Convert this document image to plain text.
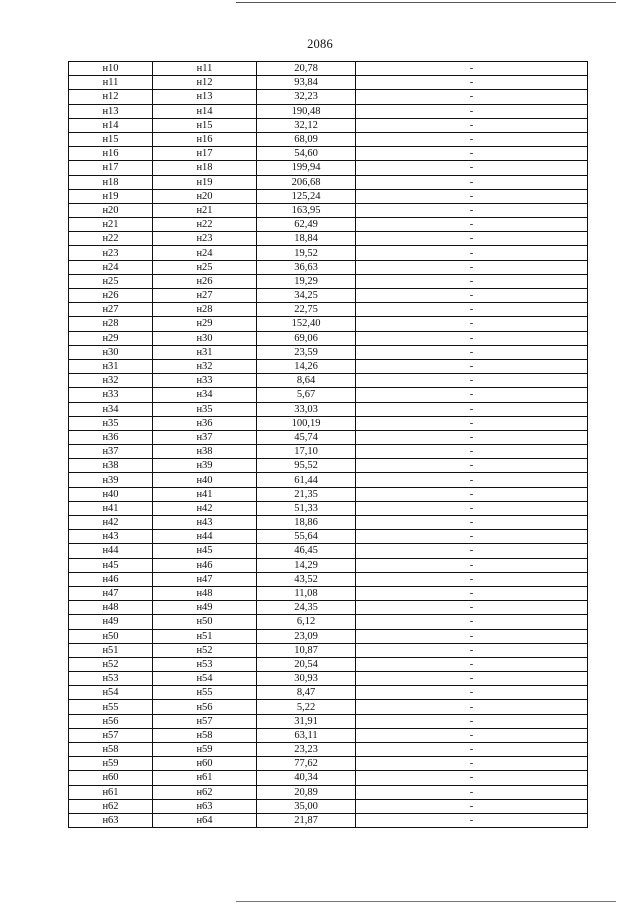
2086
н10	н11	20,78	-
н11	н12	93,84	-
н12	н13	32,23	-
н13	н14	190,48	-
н14	н15	32,12	-
н15	н16	68,09	-
н16	н17	54,60	-
н17	н18	199,94	-
н18	н19	206,68	-
н19	н20	125,24	-
н20	н21	163,95	-
н21	н22	62,49	-
н22	н23	18,84	-
н23	н24	19,52	-
н24	н25	36,63	-
н25	н26	19,29	-
н26	н27	34,25	-
н27	н28	22,75	-
н28	н29	152,40	-
н29	н30	69,06	-
н30	н31	23,59	-
н31	н32	14,26	-
н32	н33	8,64	-
н33	н34	5,67	-
н34	н35	33,03	-
н35	н36	100,19	-
н36	н37	45,74	-
н37	н38	17,10	-
н38	н39	95,52	-
н39	н40	61,44	-
н40	н41	21,35	-
н41	н42	51,33	-
н42	н43	18,86	-
н43	н44	55,64	-
н44	н45	46,45	-
н45	н46	14,29	-
н46	н47	43,52	-
н47	н48	11,08	-
н48	н49	24,35	-
н49	н50	6,12	-
н50	н51	23,09	-
н51	н52	10,87	-
н52	н53	20,54	-
н53	н54	30,93	-
н54	н55	8,47	-
н55	н56	5,22	-
н56	н57	31,91	-
н57	н58	63,11	-
н58	н59	23,23	-
н59	н60	77,62	-
н60	н61	40,34	-
н61	н62	20,89	-
н62	н63	35,00	-
н63	н64	21,87	-
